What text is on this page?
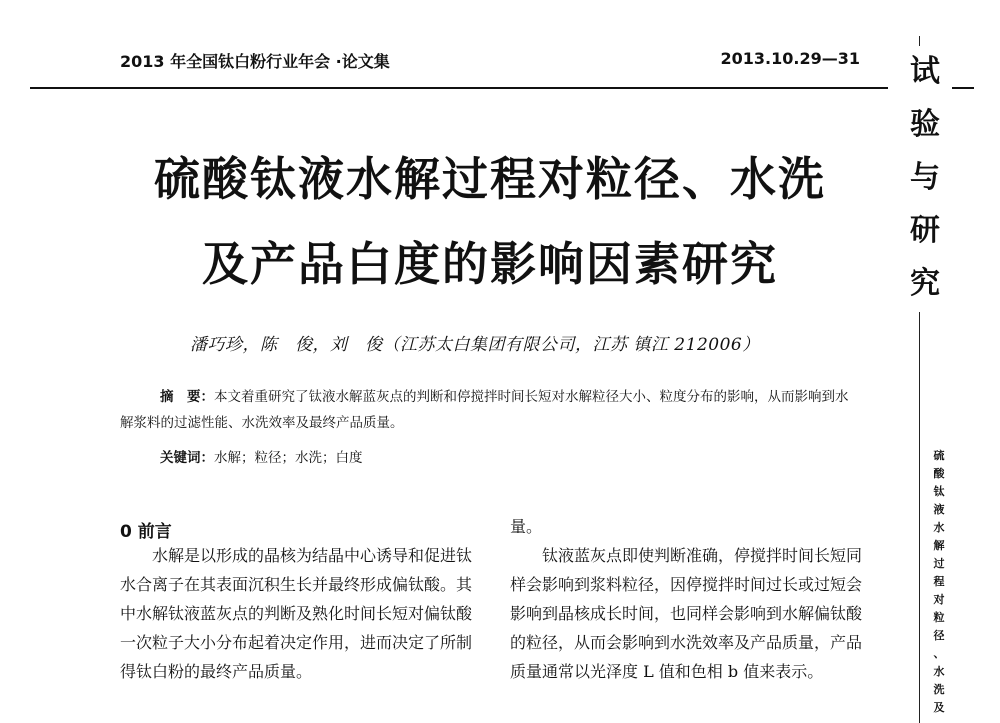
2013 年全国钛白粉行业年会 ·论文集	2013.10.29—31
硫酸钛液水解过程对粒径、水洗
及产品白度的影响因素研究
潘巧珍，陈　俊，刘　俊（江苏太白集团有限公司，江苏 镇江 212006）
摘　要：本文着重研究了钛液水解蓝灰点的判断和停搅拌时间长短对水解粒径大小、粒度分布的影响，从而影响到水解浆料的过滤性能、水洗效率及最终产品质量。
关键词：水解；粒径；水洗；白度
0 前言

水解是以形成的晶核为结晶中心诱导和促进钛水合离子在其表面沉积生长并最终形成偏钛酸。其中水解钛液蓝灰点的判断及熟化时间长短对偏钛酸一次粒子大小分布起着决定作用，进而决定了所制得钛白粉的最终产品质量。

量。

钛液蓝灰点即使判断准确，停搅拌时间长短同样会影响到浆料粒径，因停搅拌时间过长或过短会影响到晶核成长时间，也同样会影响到水解偏钛酸的粒径，从而会影响到水洗效率及产品质量，产品质量通常以光泽度 L 值和色相 b 值来表示。

试
验
与
研
究
硫
酸
钛
液
水
解
过
程
对
粒
径
、
水
洗
及
